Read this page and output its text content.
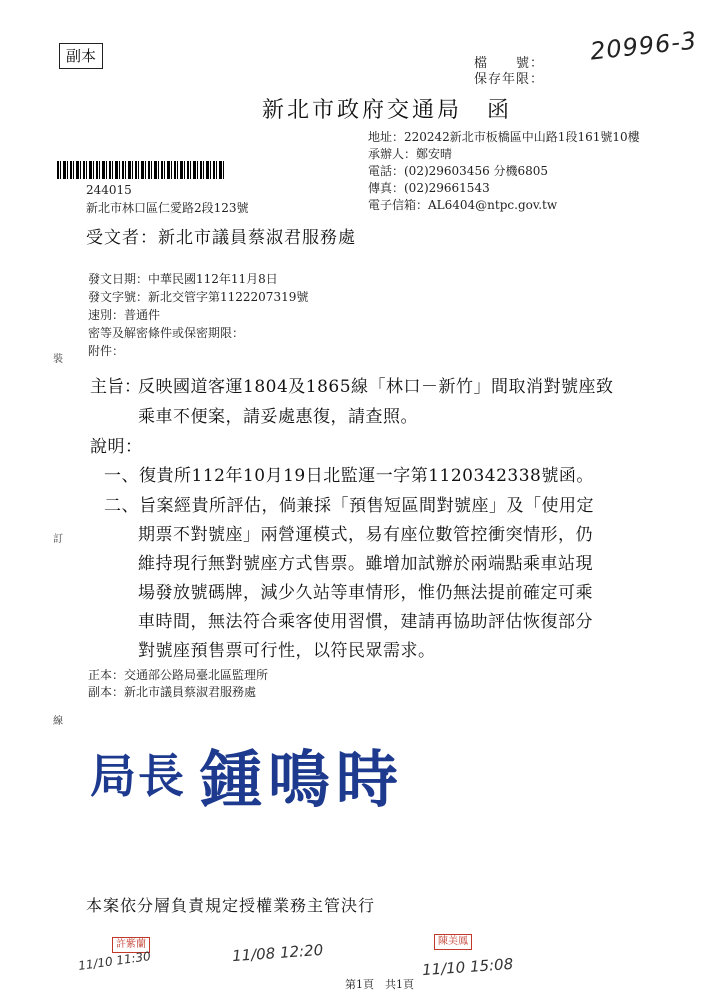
副本	20996-3
檔　　號：
保存年限：
新北市政府交通局　函
地址：220242新北市板橋區中山路1段161號10樓
承辦人：鄭安晴
電話：(02)29603456 分機6805
傳真：(02)29661543
電子信箱：AL6404@ntpc.gov.tw
244015
新北市林口區仁愛路2段123號
受文者：新北市議員蔡淑君服務處
發文日期：中華民國112年11月8日
發文字號：新北交管字第1122207319號
速別：普通件
密等及解密條件或保密期限：
附件：
裝
訂
線
主旨：
反映國道客運1804及1865線「林口－新竹」間取消對號座致
乘車不便案，請妥處惠復，請查照。
說明：
一、復貴所112年10月19日北監運一字第1120342338號函。
二、旨案經貴所評估，倘兼採「預售短區間對號座」及「使用定
期票不對號座」兩營運模式，易有座位數管控衝突情形，仍
維持現行無對號座方式售票。雖增加試辦於兩端點乘車站現
場發放號碼牌，減少久站等車情形，惟仍無法提前確定可乘
車時間，無法符合乘客使用習慣，建請再協助評估恢復部分
對號座預售票可行性，以符民眾需求。
正本：交通部公路局臺北區監理所
副本：新北市議員蔡淑君服務處
局長 鍾鳴時
本案依分層負責規定授權業務主管決行
許紫蘭
11/10 11:30	11/08 12:20	陳美鳳
11/10 15:08
第1頁　共1頁
